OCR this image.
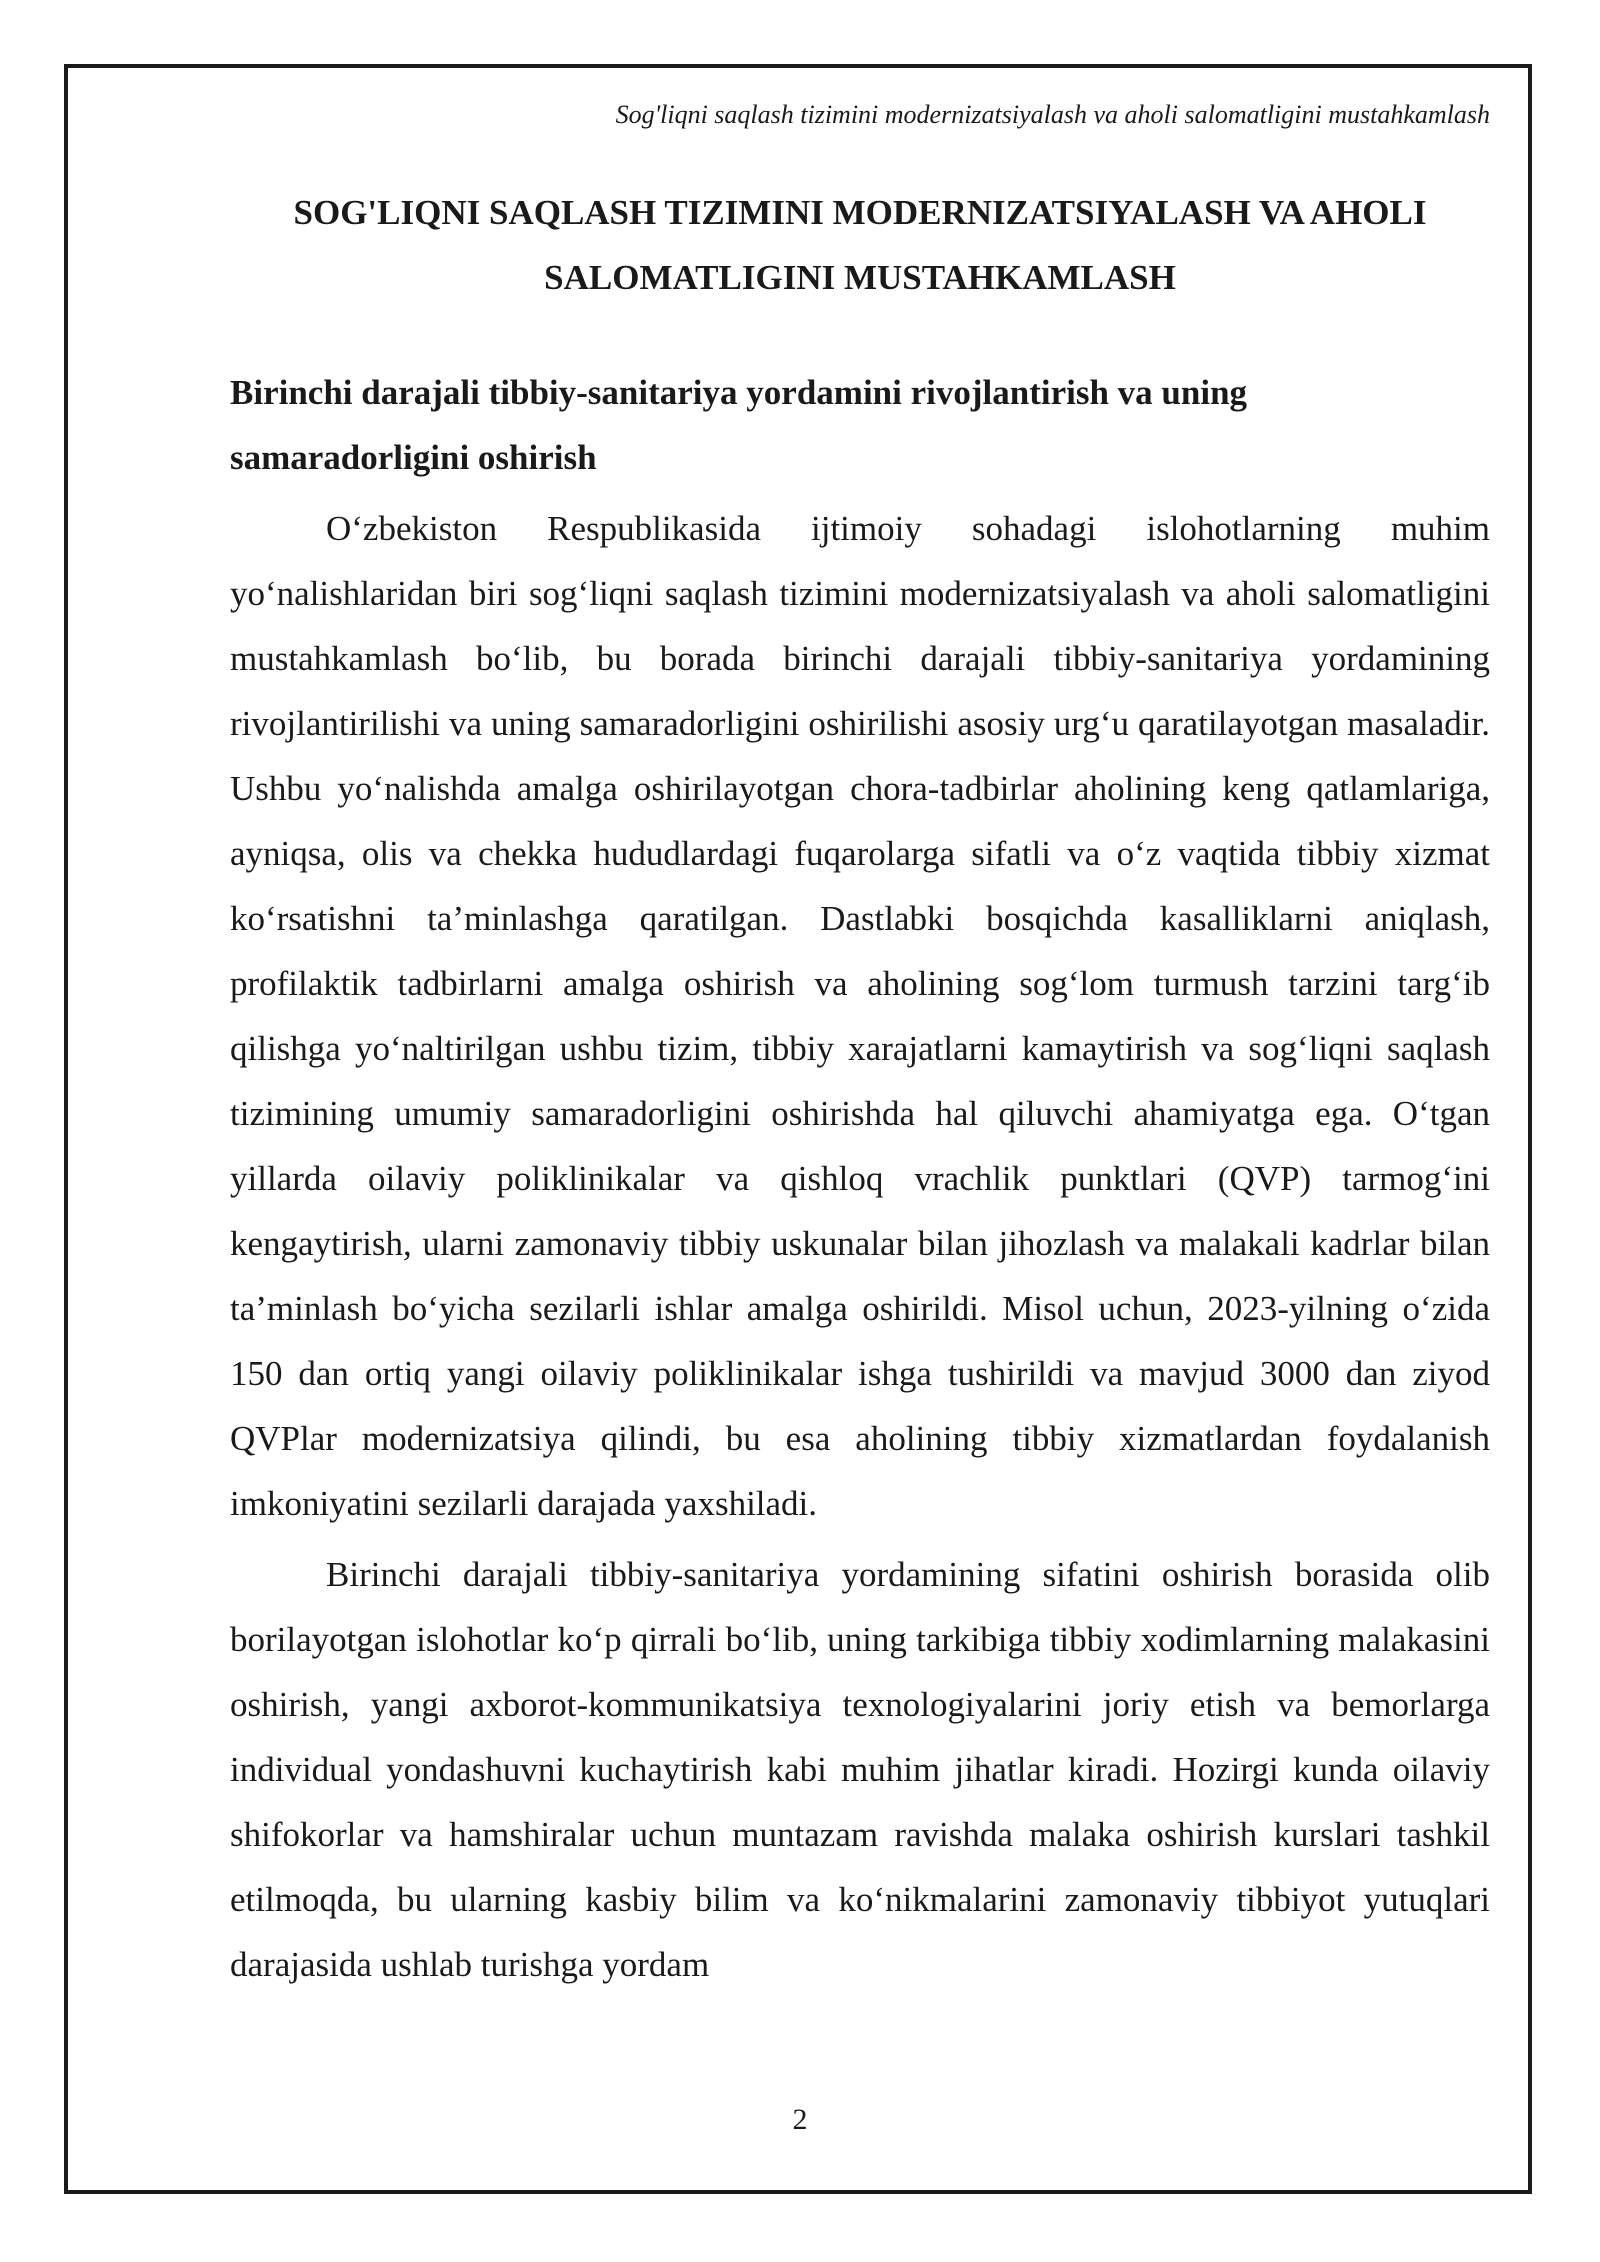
Sog'liqni saqlash tizimini modernizatsiyalash va aholi salomatligini mustahkamlash
SOG'LIQNI SAQLASH TIZIMINI MODERNIZATSIYALASH VA AHOLI SALOMATLIGINI MUSTAHKAMLASH
Birinchi darajali tibbiy-sanitariya yordamini rivojlantirish va uning samaradorligini oshirish

O‘zbekiston Respublikasida ijtimoiy sohadagi islohotlarning muhim yo‘nalishlaridan biri sog‘liqni saqlash tizimini modernizatsiyalash va aholi salomatligini mustahkamlash bo‘lib, bu borada birinchi darajali tibbiy-sanitariya yordamining rivojlantirilishi va uning samaradorligini oshirilishi asosiy urg‘u qaratilayotgan masaladir. Ushbu yo‘nalishda amalga oshirilayotgan chora-tadbirlar aholining keng qatlamlariga, ayniqsa, olis va chekka hududlardagi fuqarolarga sifatli va o‘z vaqtida tibbiy xizmat ko‘rsatishni ta’minlashga qaratilgan. Dastlabki bosqichda kasalliklarni aniqlash, profilaktik tadbirlarni amalga oshirish va aholining sog‘lom turmush tarzini targ‘ib qilishga yo‘naltirilgan ushbu tizim, tibbiy xarajatlarni kamaytirish va sog‘liqni saqlash tizimining umumiy samaradorligini oshirishda hal qiluvchi ahamiyatga ega. O‘tgan yillarda oilaviy poliklinikalar va qishloq vrachlik punktlari (QVP) tarmog‘ini kengaytirish, ularni zamonaviy tibbiy uskunalar bilan jihozlash va malakali kadrlar bilan ta’minlash bo‘yicha sezilarli ishlar amalga oshirildi. Misol uchun, 2023-yilning o‘zida 150 dan ortiq yangi oilaviy poliklinikalar ishga tushirildi va mavjud 3000 dan ziyod QVPlar modernizatsiya qilindi, bu esa aholining tibbiy xizmatlardan foydalanish imkoniyatini sezilarli darajada yaxshiladi.

Birinchi darajali tibbiy-sanitariya yordamining sifatini oshirish borasida olib borilayotgan islohotlar ko‘p qirrali bo‘lib, uning tarkibiga tibbiy xodimlarning malakasini oshirish, yangi axborot-kommunikatsiya texnologiyalarini joriy etish va bemorlarga individual yondashuvni kuchaytirish kabi muhim jihatlar kiradi. Hozirgi kunda oilaviy shifokorlar va hamshiralar uchun muntazam ravishda malaka oshirish kurslari tashkil etilmoqda, bu ularning kasbiy bilim va ko‘nikmalarini zamonaviy tibbiyot yutuqlari darajasida ushlab turishga yordam

2
